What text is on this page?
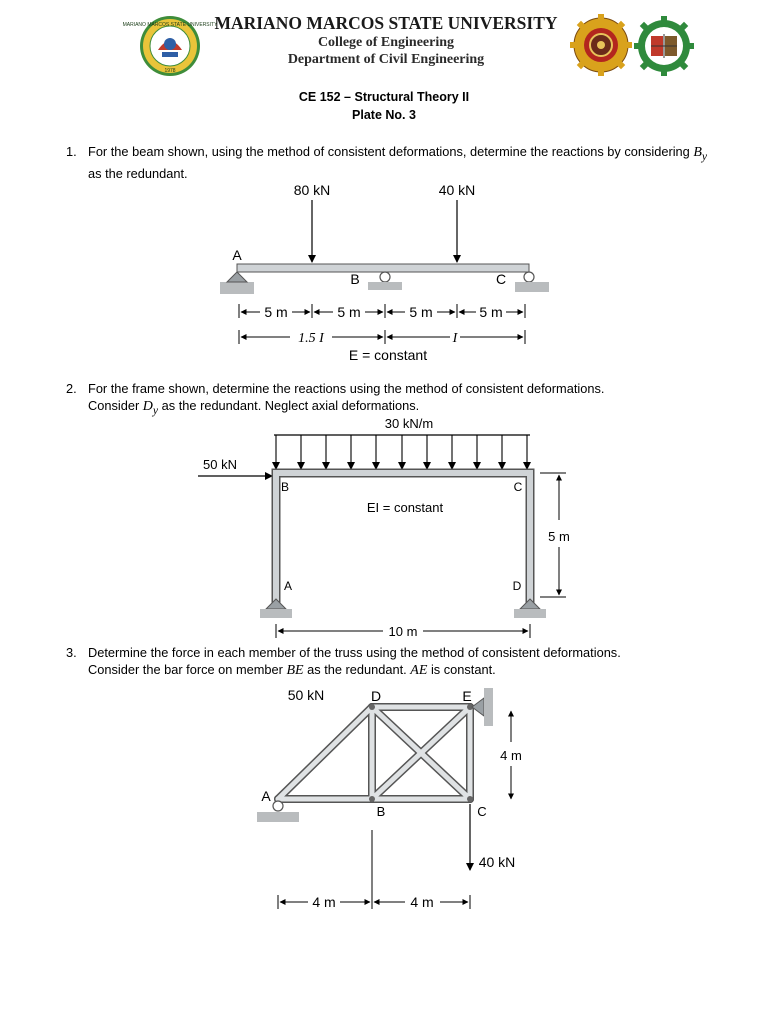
MARIANO MARCOS STATE UNIVERSITY
1978
MARIANO MARCOS STATE UNIVERSITY
College of Engineering
Department of Civil Engineering
CE 152 – Structural Theory II
Plate No. 3
1. For the beam shown, using the method of consistent deformations, determine the reactions by considering $B_y$ as the redundant.
80 kN	40 kN
A
B	C
5 m	5 m	5 m	5 m
1.5 I	I
E = constant
2. For the frame shown, determine the reactions using the method of consistent deformations.
Consider $D_y$ as the redundant. Neglect axial deformations.
30 kN/m
50 kN
B	C
A	D
EI = constant
5 m
10 m
3. Determine the force in each member of the truss using the method of consistent deformations.
Consider the bar force on member BE as the redundant. AE is constant.
50 kN	D	E
A
B	C
40 kN
4 m
4 m	4 m
